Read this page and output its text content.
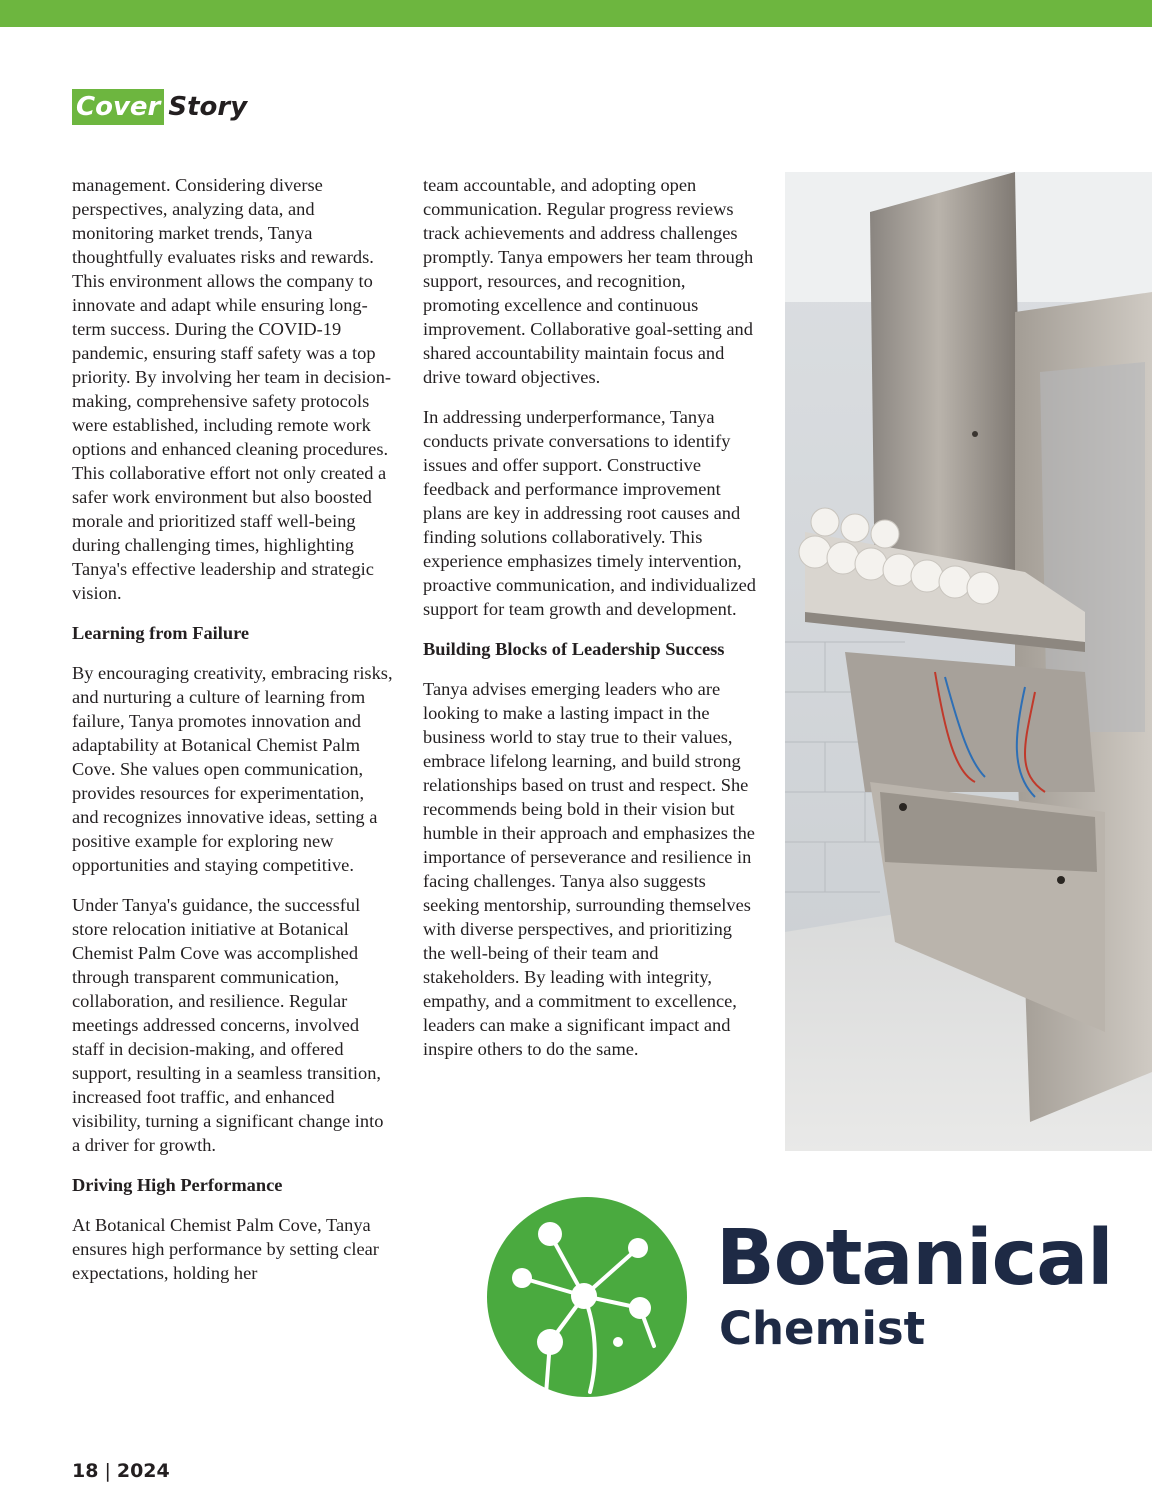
Cover Story

management. Considering diverse perspectives, analyzing data, and monitoring market trends, Tanya thoughtfully evaluates risks and rewards. This environment allows the company to innovate and adapt while ensuring long-term success. During the COVID-19 pandemic, ensuring staff safety was a top priority. By involving her team in decision-making, comprehensive safety protocols were established, including remote work options and enhanced cleaning procedures. This collaborative effort not only created a safer work environment but also boosted morale and prioritized staff well-being during challenging times, highlighting Tanya's effective leadership and strategic vision.

Learning from Failure

By encouraging creativity, embracing risks, and nurturing a culture of learning from failure, Tanya promotes innovation and adaptability at Botanical Chemist Palm Cove. She values open communication, provides resources for experimentation, and recognizes innovative ideas, setting a positive example for exploring new opportunities and staying competitive.

Under Tanya's guidance, the successful store relocation initiative at Botanical Chemist Palm Cove was accomplished through transparent communication, collaboration, and resilience. Regular meetings addressed concerns, involved staff in decision-making, and offered support, resulting in a seamless transition, increased foot traffic, and enhanced visibility, turning a significant change into a driver for growth.

Driving High Performance

At Botanical Chemist Palm Cove, Tanya ensures high performance by setting clear expectations, holding her

team accountable, and adopting open communication. Regular progress reviews track achievements and address challenges promptly. Tanya empowers her team through support, resources, and recognition, promoting excellence and continuous improvement. Collaborative goal-setting and shared accountability maintain focus and drive toward objectives.

In addressing underperformance, Tanya conducts private conversations to identify issues and offer support. Constructive feedback and performance improvement plans are key in addressing root causes and finding solutions collaboratively. This experience emphasizes timely intervention, proactive communication, and individualized support for team growth and development.

Building Blocks of Leadership Success

Tanya advises emerging leaders who are looking to make a lasting impact in the business world to stay true to their values, embrace lifelong learning, and build strong relationships based on trust and respect. She recommends being bold in their vision but humble in their approach and emphasizes the importance of perseverance and resilience in facing challenges. Tanya also suggests seeking mentorship, surrounding themselves with diverse perspectives, and prioritizing the well-being of their team and stakeholders. By leading with integrity, empathy, and a commitment to excellence, leaders can make a significant impact and inspire others to do the same.

Botanical
Chemist
18 | 2024
